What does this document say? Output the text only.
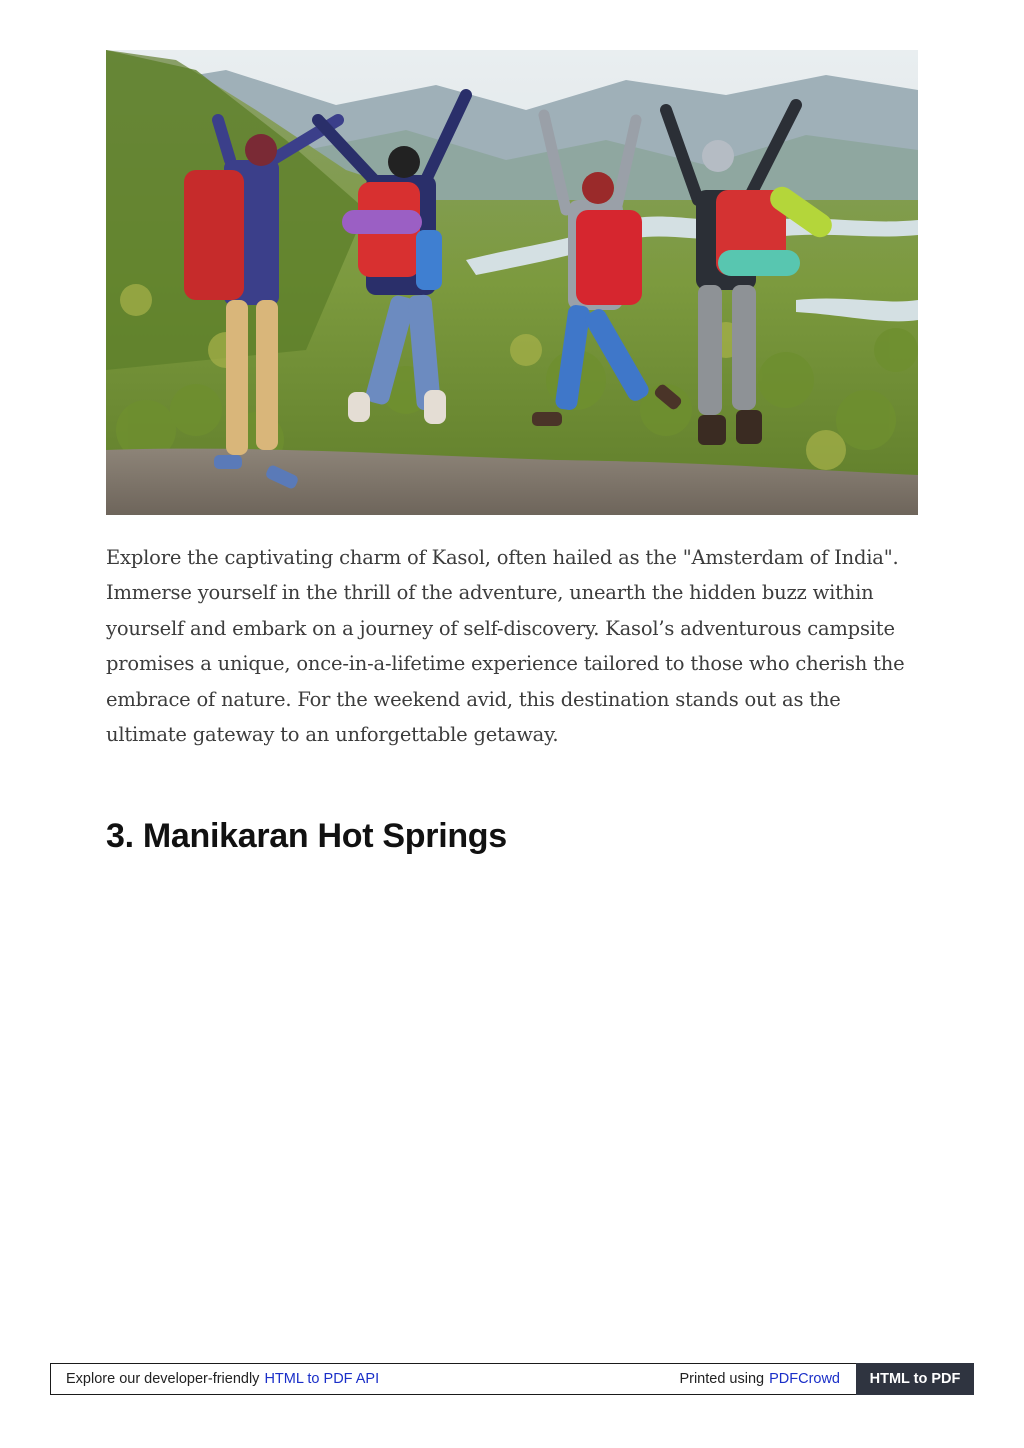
Explore the captivating charm of Kasol, often hailed as the "Amsterdam of India". Immerse yourself in the thrill of the adventure, unearth the hidden buzz within yourself and embark on a journey of self-discovery. Kasol’s adventurous campsite promises a unique, once-in-a-lifetime experience tailored to those who cherish the embrace of nature. For the weekend avid, this destination stands out as the ultimate gateway to an unforgettable getaway.

3. Manikaran Hot Springs
Explore our developer-friendly HTML to PDF API	Printed using PDFCrowd	HTML to PDF
